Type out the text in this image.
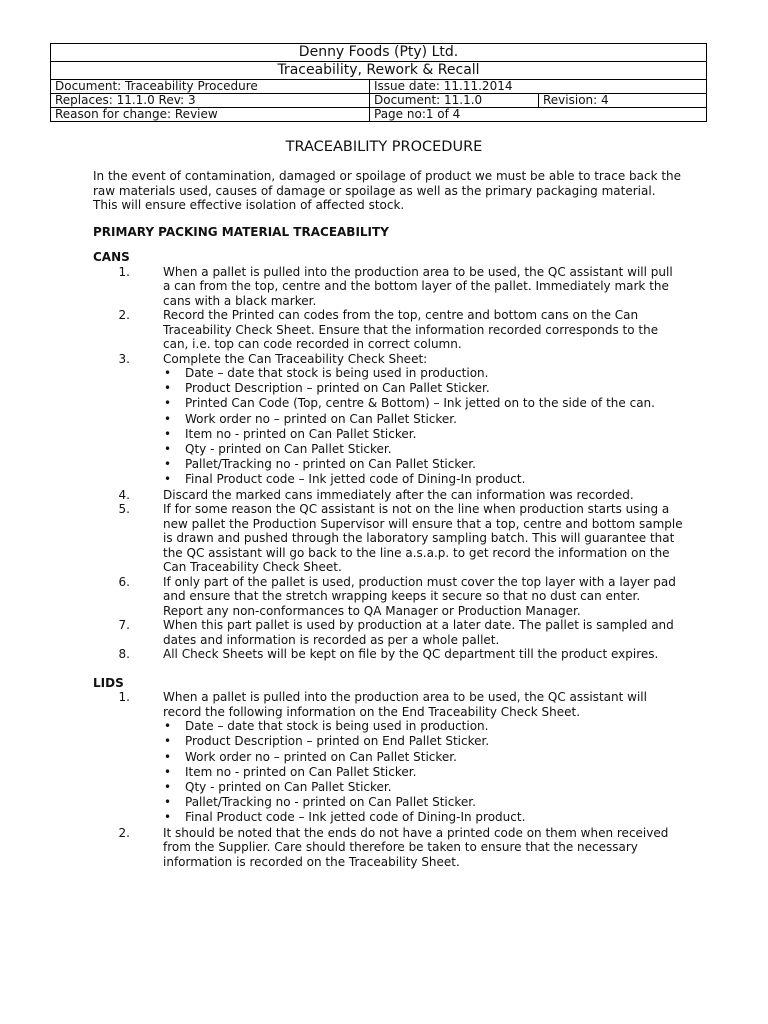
Denny Foods (Pty) Ltd.		
Traceability, Rework & Recall		
Document: Traceability Procedure	Issue date: 11.11.2014	
Replaces: 11.1.0 Rev: 3	Document: 11.1.0	Revision: 4
Reason for change: Review	Page no:1 of 4	
TRACEABILITY PROCEDURE

In the event of contamination, damaged or spoilage of product we must be able to trace back the raw materials used, causes of damage or spoilage as well as the primary packaging material. This will ensure effective isolation of affected stock.

PRIMARY PACKING MATERIAL TRACEABILITY

CANS

1.	When a pallet is pulled into the production area to be used, the QC assistant will pull a can from the top, centre and the bottom layer of the pallet. Immediately mark the cans with a black marker.
2.	Record the Printed can codes from the top, centre and bottom cans on the Can Traceability Check Sheet. Ensure that the information recorded corresponds to the can, i.e. top can code recorded in correct column.
3.	Complete the Can Traceability Check Sheet:
• Date – date that stock is being used in production.
• Product Description – printed on Can Pallet Sticker.
• Printed Can Code (Top, centre & Bottom) – Ink jetted on to the side of the can.
• Work order no – printed on Can Pallet Sticker.
• Item no - printed on Can Pallet Sticker.
• Qty - printed on Can Pallet Sticker.
• Pallet/Tracking no - printed on Can Pallet Sticker.
• Final Product code – Ink jetted code of Dining-In product.
4.	Discard the marked cans immediately after the can information was recorded.
5.	If for some reason the QC assistant is not on the line when production starts using a new pallet the Production Supervisor will ensure that a top, centre and bottom sample is drawn and pushed through the laboratory sampling batch. This will guarantee that the QC assistant will go back to the line a.s.a.p. to get record the information on the Can Traceability Check Sheet.
6.	If only part of the pallet is used, production must cover the top layer with a layer pad and ensure that the stretch wrapping keeps it secure so that no dust can enter. Report any non-conformances to QA Manager or Production Manager.
7.	When this part pallet is used by production at a later date. The pallet is sampled and dates and information is recorded as per a whole pallet.
8.	All Check Sheets will be kept on file by the QC department till the product expires.

LIDS

1.	When a pallet is pulled into the production area to be used, the QC assistant will record the following information on the End Traceability Check Sheet.
• Date – date that stock is being used in production.
• Product Description – printed on End Pallet Sticker.
• Work order no – printed on Can Pallet Sticker.
• Item no - printed on Can Pallet Sticker.
• Qty - printed on Can Pallet Sticker.
• Pallet/Tracking no - printed on Can Pallet Sticker.
• Final Product code – Ink jetted code of Dining-In product.
2.	It should be noted that the ends do not have a printed code on them when received from the Supplier. Care should therefore be taken to ensure that the necessary information is recorded on the Traceability Sheet.
